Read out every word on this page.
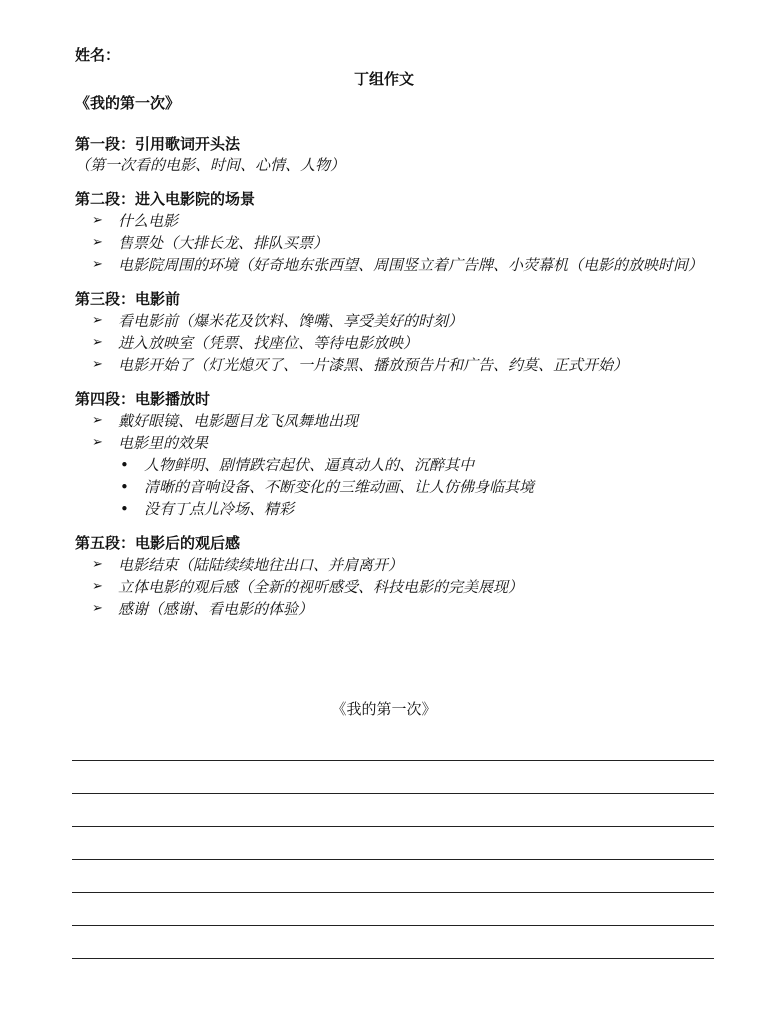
姓名：
丁组作文
《我的第一次》
第一段：引用歌词开头法
（第一次看的电影、时间、心情、人物）
第二段：进入电影院的场景
➢ 什么电影
➢ 售票处（大排长龙、排队买票）
➢ 电影院周围的环境（好奇地东张西望、周围竖立着广告牌、小荧幕机（电影的放映时间）
第三段：电影前
➢ 看电影前（爆米花及饮料、馋嘴、享受美好的时刻）
➢ 进入放映室（凭票、找座位、等待电影放映）
➢ 电影开始了（灯光熄灭了、一片漆黑、播放预告片和广告、约莫、正式开始）
第四段：电影播放时
➢ 戴好眼镜、电影题目龙飞凤舞地出现
➢ 电影里的效果
• 人物鲜明、剧情跌宕起伏、逼真动人的、沉醉其中
• 清晰的音响设备、不断变化的三维动画、让人仿佛身临其境
• 没有丁点儿冷场、精彩
第五段：电影后的观后感
➢ 电影结束（陆陆续续地往出口、并肩离开）
➢ 立体电影的观后感（全新的视听感受、科技电影的完美展现）
➢ 感谢（感谢、看电影的体验）
《我的第一次》
